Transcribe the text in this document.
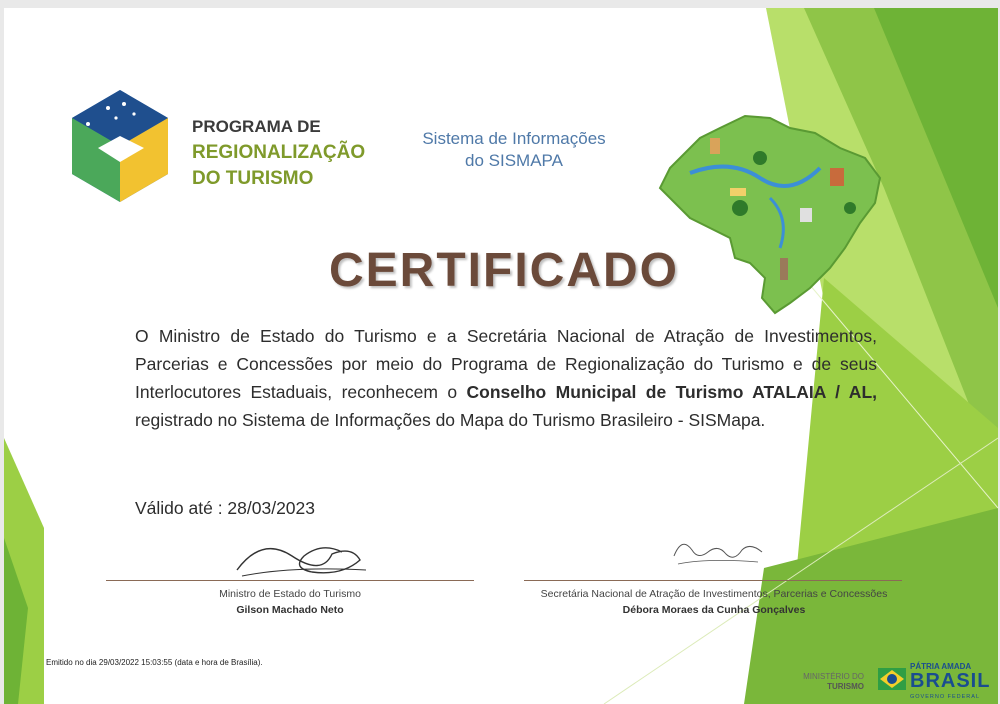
PROGRAMA DE
REGIONALIZAÇÃO
DO TURISMO
Sistema de Informações
do SISMAPA
CERTIFICADO
O Ministro de Estado do Turismo e a Secretária Nacional de Atração de Investimentos, Parcerias e Concessões por meio do Programa de Regionalização do Turismo e de seus Interlocutores Estaduais, reconhecem o Conselho Municipal de Turismo ATALAIA / AL, registrado no Sistema de Informações do Mapa do Turismo Brasileiro - SISMapa.
Válido até : 28/03/2023
Ministro de Estado do Turismo
Gilson Machado Neto
Secretária Nacional de Atração de Investimentos, Parcerias e Concessões
Débora Moraes da Cunha Gonçalves
Emitido no dia 29/03/2022 15:03:55 (data e hora de Brasília).
MINISTÉRIO DO
TURISMO
PÁTRIA AMADA
BRASIL
GOVERNO FEDERAL
